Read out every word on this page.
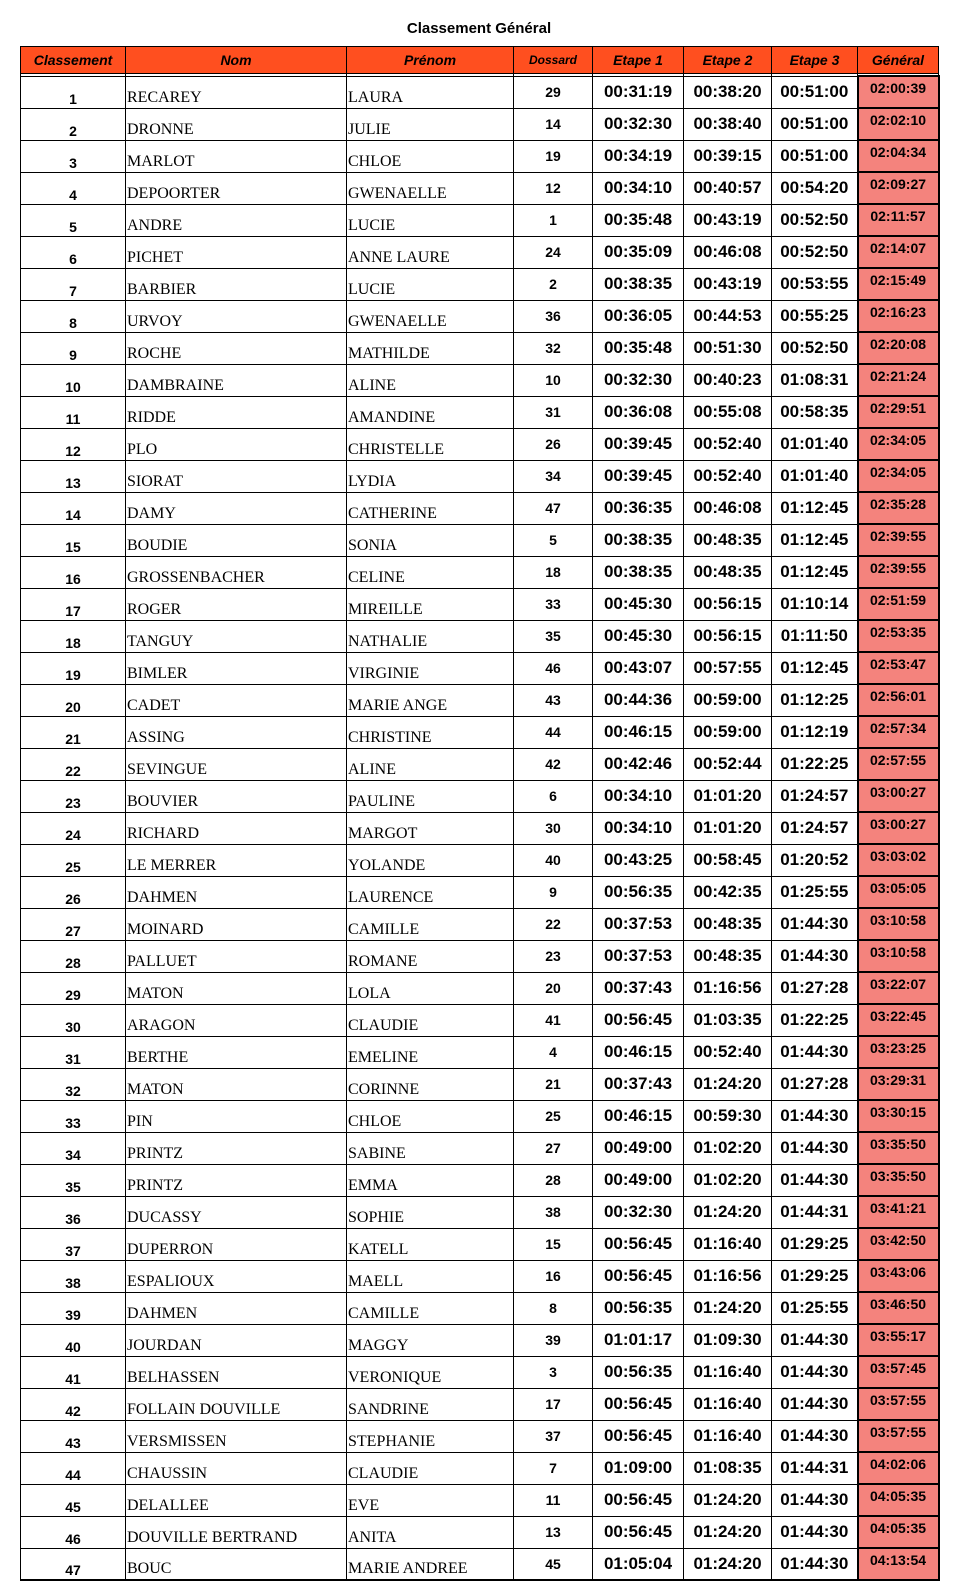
Classement Général
Classement	Nom	Prénom	Dossard	Etape 1	Etape 2	Etape 3	Général

1	RECAREY	LAURA	29	00:31:19	00:38:20	00:51:00	02:00:39
2	DRONNE	JULIE	14	00:32:30	00:38:40	00:51:00	02:02:10
3	MARLOT	CHLOE	19	00:34:19	00:39:15	00:51:00	02:04:34
4	DEPOORTER	GWENAELLE	12	00:34:10	00:40:57	00:54:20	02:09:27
5	ANDRE	LUCIE	1	00:35:48	00:43:19	00:52:50	02:11:57
6	PICHET	ANNE LAURE	24	00:35:09	00:46:08	00:52:50	02:14:07
7	BARBIER	LUCIE	2	00:38:35	00:43:19	00:53:55	02:15:49
8	URVOY	GWENAELLE	36	00:36:05	00:44:53	00:55:25	02:16:23
9	ROCHE	MATHILDE	32	00:35:48	00:51:30	00:52:50	02:20:08
10	DAMBRAINE	ALINE	10	00:32:30	00:40:23	01:08:31	02:21:24
11	RIDDE	AMANDINE	31	00:36:08	00:55:08	00:58:35	02:29:51
12	PLO	CHRISTELLE	26	00:39:45	00:52:40	01:01:40	02:34:05
13	SIORAT	LYDIA	34	00:39:45	00:52:40	01:01:40	02:34:05
14	DAMY	CATHERINE	47	00:36:35	00:46:08	01:12:45	02:35:28
15	BOUDIE	SONIA	5	00:38:35	00:48:35	01:12:45	02:39:55
16	GROSSENBACHER	CELINE	18	00:38:35	00:48:35	01:12:45	02:39:55
17	ROGER	MIREILLE	33	00:45:30	00:56:15	01:10:14	02:51:59
18	TANGUY	NATHALIE	35	00:45:30	00:56:15	01:11:50	02:53:35
19	BIMLER	VIRGINIE	46	00:43:07	00:57:55	01:12:45	02:53:47
20	CADET	MARIE ANGE	43	00:44:36	00:59:00	01:12:25	02:56:01
21	ASSING	CHRISTINE	44	00:46:15	00:59:00	01:12:19	02:57:34
22	SEVINGUE	ALINE	42	00:42:46	00:52:44	01:22:25	02:57:55
23	BOUVIER	PAULINE	6	00:34:10	01:01:20	01:24:57	03:00:27
24	RICHARD	MARGOT	30	00:34:10	01:01:20	01:24:57	03:00:27
25	LE MERRER	YOLANDE	40	00:43:25	00:58:45	01:20:52	03:03:02
26	DAHMEN	LAURENCE	9	00:56:35	00:42:35	01:25:55	03:05:05
27	MOINARD	CAMILLE	22	00:37:53	00:48:35	01:44:30	03:10:58
28	PALLUET	ROMANE	23	00:37:53	00:48:35	01:44:30	03:10:58
29	MATON	LOLA	20	00:37:43	01:16:56	01:27:28	03:22:07
30	ARAGON	CLAUDIE	41	00:56:45	01:03:35	01:22:25	03:22:45
31	BERTHE	EMELINE	4	00:46:15	00:52:40	01:44:30	03:23:25
32	MATON	CORINNE	21	00:37:43	01:24:20	01:27:28	03:29:31
33	PIN	CHLOE	25	00:46:15	00:59:30	01:44:30	03:30:15
34	PRINTZ	SABINE	27	00:49:00	01:02:20	01:44:30	03:35:50
35	PRINTZ	EMMA	28	00:49:00	01:02:20	01:44:30	03:35:50
36	DUCASSY	SOPHIE	38	00:32:30	01:24:20	01:44:31	03:41:21
37	DUPERRON	KATELL	15	00:56:45	01:16:40	01:29:25	03:42:50
38	ESPALIOUX	MAELL	16	00:56:45	01:16:56	01:29:25	03:43:06
39	DAHMEN	CAMILLE	8	00:56:35	01:24:20	01:25:55	03:46:50
40	JOURDAN	MAGGY	39	01:01:17	01:09:30	01:44:30	03:55:17
41	BELHASSEN	VERONIQUE	3	00:56:35	01:16:40	01:44:30	03:57:45
42	FOLLAIN DOUVILLE	SANDRINE	17	00:56:45	01:16:40	01:44:30	03:57:55
43	VERSMISSEN	STEPHANIE	37	00:56:45	01:16:40	01:44:30	03:57:55
44	CHAUSSIN	CLAUDIE	7	01:09:00	01:08:35	01:44:31	04:02:06
45	DELALLEE	EVE	11	00:56:45	01:24:20	01:44:30	04:05:35
46	DOUVILLE BERTRAND	ANITA	13	00:56:45	01:24:20	01:44:30	04:05:35
47	BOUC	MARIE ANDREE	45	01:05:04	01:24:20	01:44:30	04:13:54
